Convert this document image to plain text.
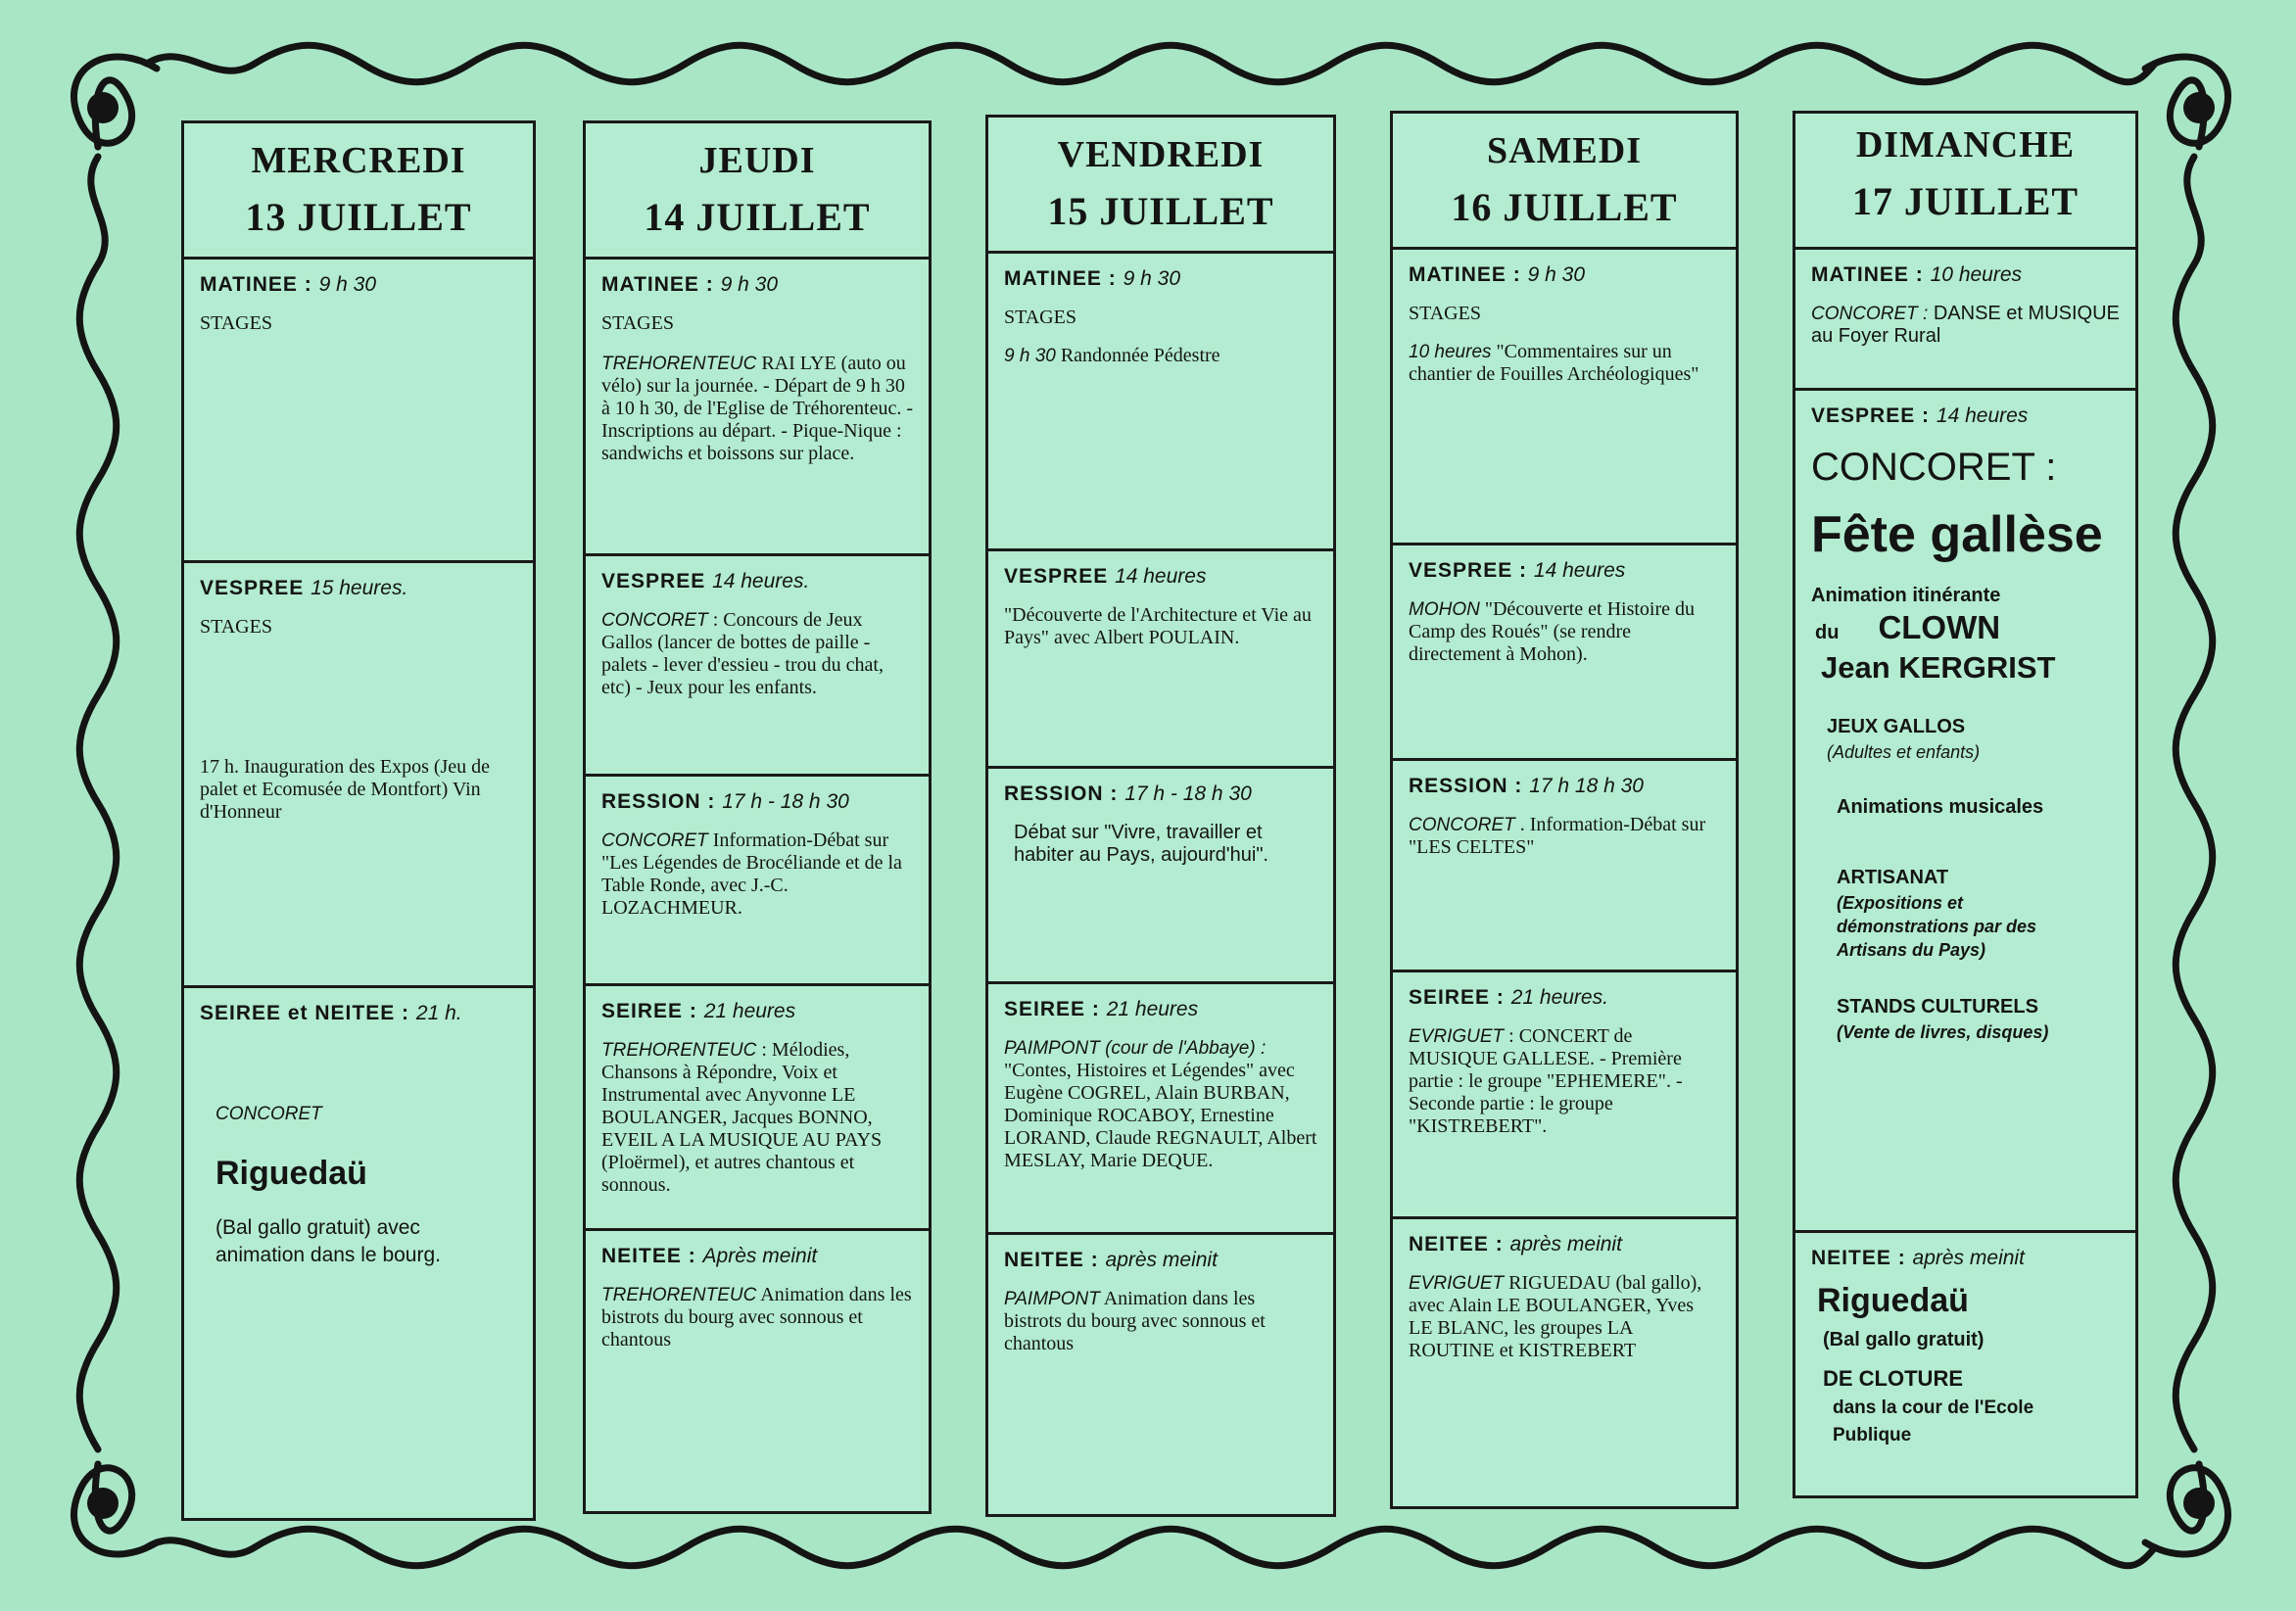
MERCREDI
13 JUILLET
MATINEE : 9 h 30
STAGES
VESPREE 15 heures.
STAGES
17 h. Inauguration des Expos (Jeu de palet et Ecomusée de Montfort) Vin d'Honneur
SEIREE et NEITEE : 21 h.
CONCORET
Riguedaü
(Bal gallo gratuit) avec animation dans le bourg.
JEUDI
14 JUILLET
MATINEE : 9 h 30
STAGES
TREHORENTEUC RAI LYE (auto ou vélo) sur la journée. - Départ de 9 h 30 à 10 h 30, de l'Eglise de Tréhorenteuc. - Inscriptions au départ. - Pique-Nique : sandwichs et boissons sur place.
VESPREE 14 heures.
CONCORET : Concours de Jeux Gallos (lancer de bottes de paille - palets - lever d'essieu - trou du chat, etc) - Jeux pour les enfants.
RESSION : 17 h - 18 h 30
CONCORET Information-Débat sur "Les Légendes de Brocéliande et de la Table Ronde, avec J.-C. LOZACHMEUR.
SEIREE : 21 heures
TREHORENTEUC : Mélodies, Chansons à Répondre, Voix et Instrumental avec Anyvonne LE BOULANGER, Jacques BONNO, EVEIL A LA MUSIQUE AU PAYS (Ploërmel), et autres chantous et sonnous.
NEITEE : Après meinit
TREHORENTEUC Animation dans les bistrots du bourg avec sonnous et chantous
VENDREDI
15 JUILLET
MATINEE : 9 h 30
STAGES
9 h 30 Randonnée Pédestre
VESPREE 14 heures
"Découverte de l'Architecture et Vie au Pays" avec Albert POULAIN.
RESSION : 17 h - 18 h 30
Débat sur "Vivre, travailler et habiter au Pays, aujourd'hui".
SEIREE : 21 heures
PAIMPONT (cour de l'Abbaye) : "Contes, Histoires et Légendes" avec Eugène COGREL, Alain BURBAN, Dominique ROCABOY, Ernestine LORAND, Claude REGNAULT, Albert MESLAY, Marie DEQUE.
NEITEE : après meinit
PAIMPONT Animation dans les bistrots du bourg avec sonnous et chantous
SAMEDI
16 JUILLET
MATINEE : 9 h 30
STAGES
10 heures "Commentaires sur un chantier de Fouilles Archéologiques"
VESPREE : 14 heures
MOHON "Découverte et Histoire du Camp des Roués" (se rendre directement à Mohon).
RESSION : 17 h 18 h 30
CONCORET . Information-Débat sur "LES CELTES"
SEIREE : 21 heures.
EVRIGUET : CONCERT de MUSIQUE GALLESE. - Première partie : le groupe "EPHEMERE". - Seconde partie : le groupe "KISTREBERT".
NEITEE : après meinit
EVRIGUET RIGUEDAU (bal gallo), avec Alain LE BOULANGER, Yves LE BLANC, les groupes LA ROUTINE et KISTREBERT
DIMANCHE
17 JUILLET
MATINEE : 10 heures
CONCORET : DANSE et MUSIQUE au Foyer Rural
VESPREE : 14 heures
CONCORET :
Fête gallèse
Animation itinérante
du CLOWN
Jean KERGRIST
JEUX GALLOS
(Adultes et enfants)
Animations musicales
ARTISANAT
(Expositions et démonstrations par des Artisans du Pays)
STANDS CULTURELS
(Vente de livres, disques)
NEITEE : après meinit
Riguedaü
(Bal gallo gratuit)
DE CLOTURE
dans la cour de l'Ecole Publique
